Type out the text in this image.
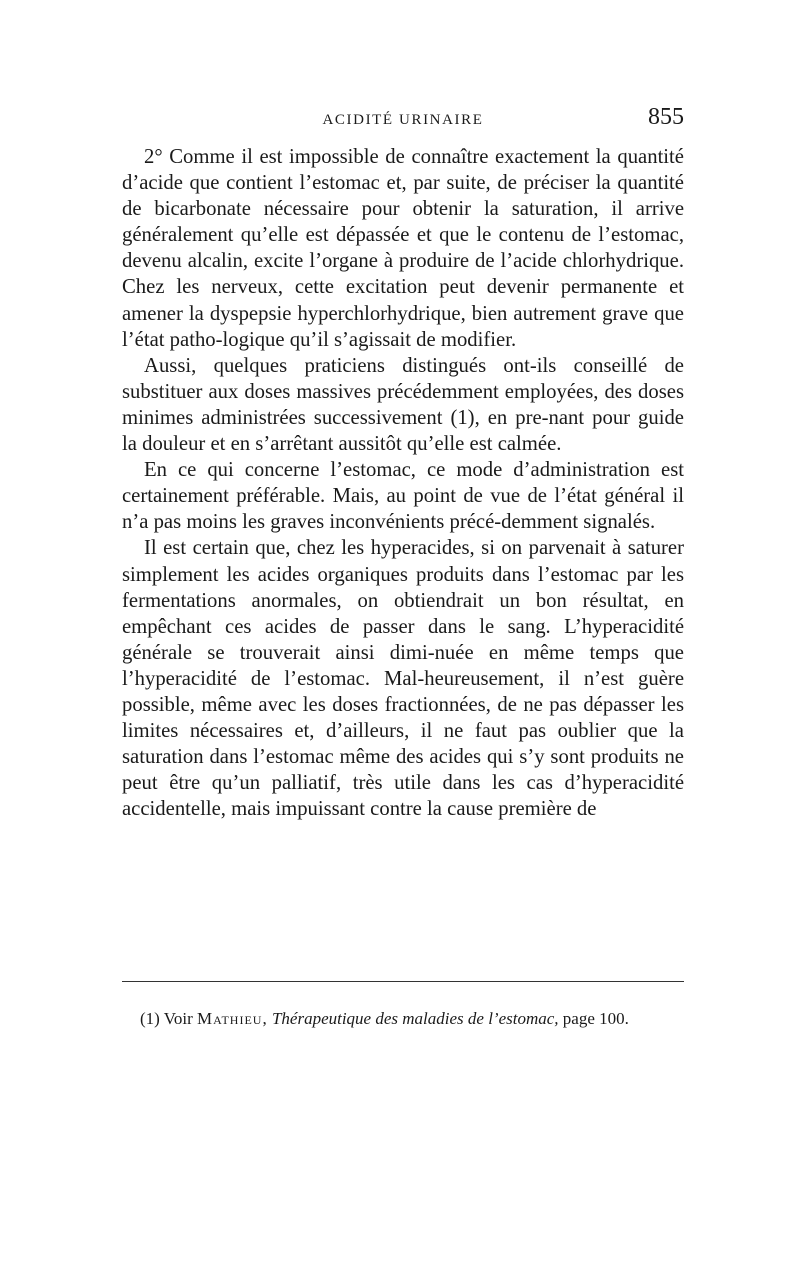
ACIDITÉ URINAIRE	855

2° Comme il est impossible de connaître exactement la quantité d’acide que contient l’estomac et, par suite, de préciser la quantité de bicarbonate nécessaire pour obtenir la saturation, il arrive généralement qu’elle est dépassée et que le contenu de l’estomac, devenu alcalin, excite l’organe à produire de l’acide chlorhydrique. Chez les nerveux, cette excitation peut devenir permanente et amener la dyspepsie hyperchlorhydrique, bien autrement grave que l’état patho-logique qu’il s’agissait de modifier.

Aussi, quelques praticiens distingués ont-ils conseillé de substituer aux doses massives précédemment employées, des doses minimes administrées successivement (1), en pre-nant pour guide la douleur et en s’arrêtant aussitôt qu’elle est calmée.

En ce qui concerne l’estomac, ce mode d’administration est certainement préférable. Mais, au point de vue de l’état général il n’a pas moins les graves inconvénients précé-demment signalés.

Il est certain que, chez les hyperacides, si on parvenait à saturer simplement les acides organiques produits dans l’estomac par les fermentations anormales, on obtiendrait un bon résultat, en empêchant ces acides de passer dans le sang. L’hyperacidité générale se trouverait ainsi dimi-nuée en même temps que l’hyperacidité de l’estomac. Mal-heureusement, il n’est guère possible, même avec les doses fractionnées, de ne pas dépasser les limites nécessaires et, d’ailleurs, il ne faut pas oublier que la saturation dans l’estomac même des acides qui s’y sont produits ne peut être qu’un palliatif, très utile dans les cas d’hyperacidité accidentelle, mais impuissant contre la cause première de

(1) Voir Mathieu, Thérapeutique des maladies de l’estomac, page 100.
